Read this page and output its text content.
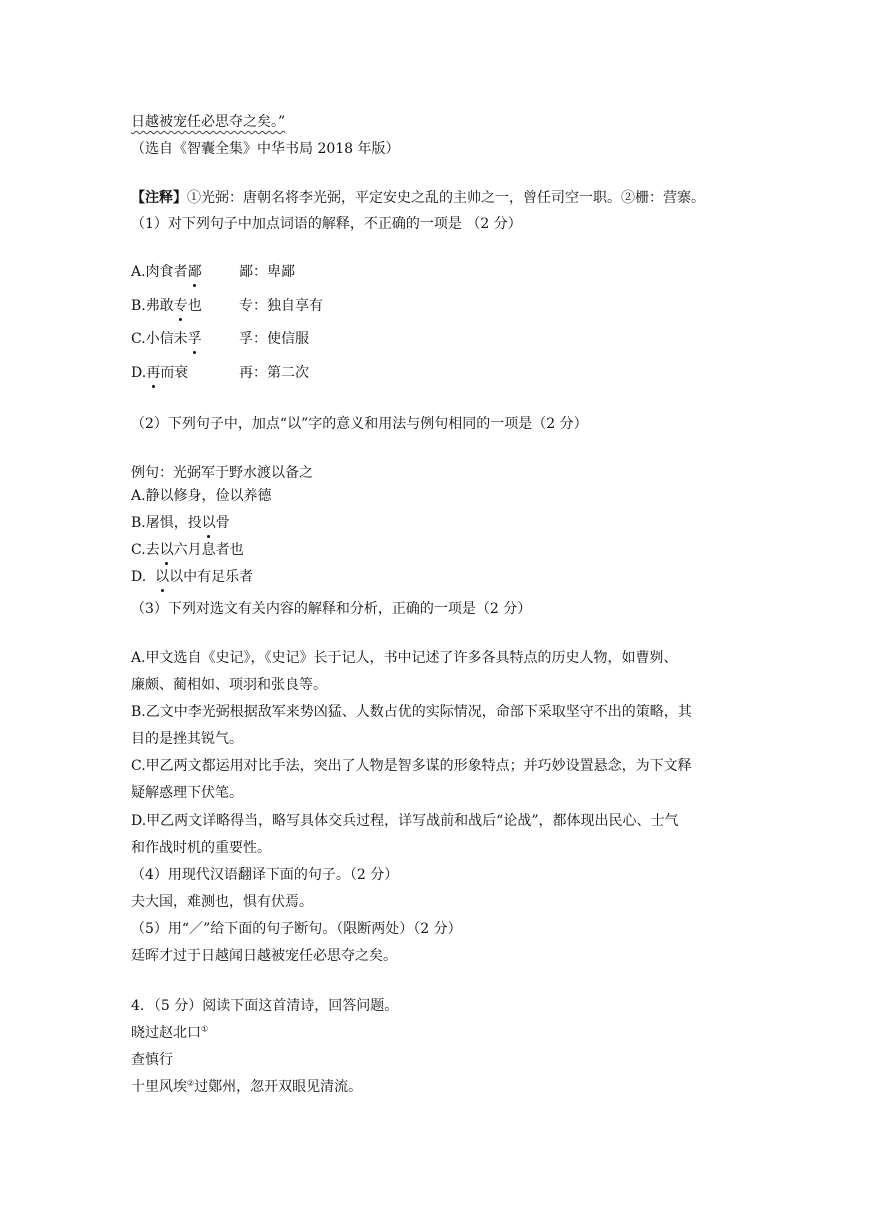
日越被宠任必思夺之矣。”
（选自《智囊全集》中华书局 2018 年版）
【注释】①光弼：唐朝名将李光弼，平定安史之乱的主帅之一，曾任司空一职。②栅：营寨。
（1）对下列句子中加点词语的解释，不正确的一项是 （2 分）
A.肉食者鄙	鄙：卑鄙
B.弗敢专也	专：独自享有
C.小信未孚	孚：使信服
D.再而衰	再：第二次
（2）下列句子中，加点“以”字的意义和用法与例句相同的一项是（2 分）
例句：光弼军于野水渡以备之
A.静以修身，俭以养德
B.屠惧，投以骨
C.去以六月息者也
D.  以以中有足乐者
（3）下列对选文有关内容的解释和分析，正确的一项是（2 分）
A.甲文选自《史记》，《史记》长于记人，书中记述了许多各具特点的历史人物，如曹刿、
廉颇、蔺相如、项羽和张良等。
B.乙文中李光弼根据敌军来势凶猛、人数占优的实际情况，命部下采取坚守不出的策略，其
目的是挫其锐气。
C.甲乙两文都运用对比手法，突出了人物是智多谋的形象特点；并巧妙设置悬念，为下文释
疑解惑理下伏笔。
D.甲乙两文详略得当，略写具体交兵过程，详写战前和战后“论战”，都体现出民心、士气
和作战时机的重要性。
（4）用现代汉语翻译下面的句子。（2 分）
夫大国，难测也，惧有伏焉。
（5）用“／”给下面的句子断句。（限断两处）（2 分）
廷晖才过于日越闻日越被宠任必思夺之矣。
4．（5 分）阅读下面这首清诗，回答问题。
晓过赵北口①
查慎行
十里风埃②过鄚州，忽开双眼见清流。
